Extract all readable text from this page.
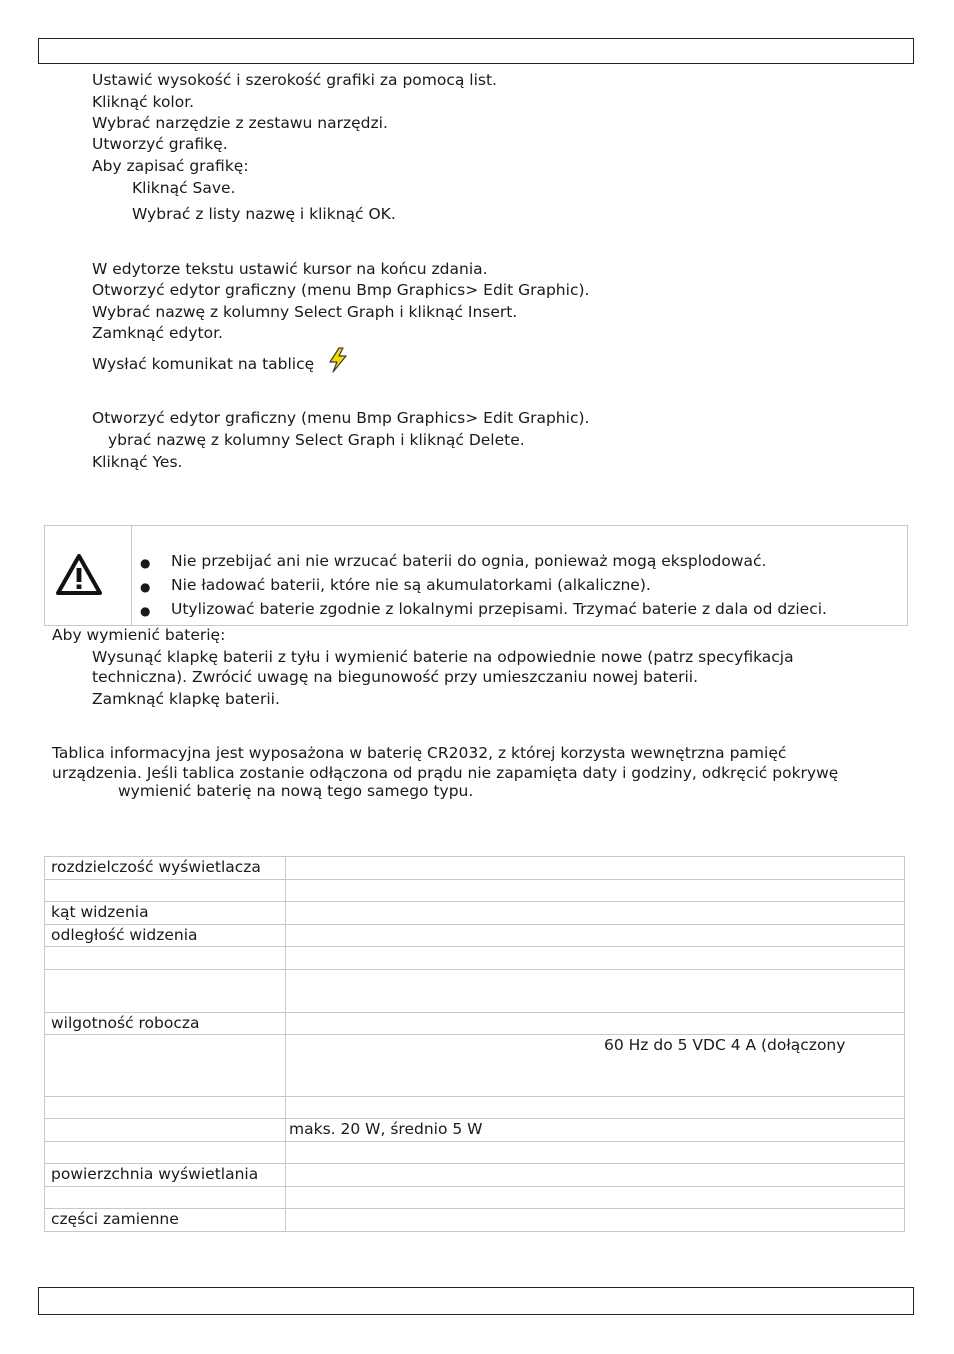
Ustawić wysokość i szerokość grafiki za pomocą list.
Kliknąć kolor.
Wybrać narzędzie z zestawu narzędzi.
Utworzyć grafikę.
Aby zapisać grafikę:
Kliknąć Save.
Wybrać z listy nazwę i kliknąć OK.
W edytorze tekstu ustawić kursor na końcu zdania.
Otworzyć edytor graficzny (menu Bmp Graphics> Edit Graphic).
Wybrać nazwę z kolumny Select Graph i kliknąć Insert.
Zamknąć edytor.
Wysłać komunikat na tablicę
Otworzyć edytor graficzny (menu Bmp Graphics> Edit Graphic).
ybrać nazwę z kolumny Select Graph i kliknąć Delete.
Kliknąć Yes.
● Nie przebijać ani nie wrzucać baterii do ognia, ponieważ mogą eksplodować.
● Nie ładować baterii, które nie są akumulatorkami (alkaliczne).
● Utylizować baterie zgodnie z lokalnymi przepisami. Trzymać baterie z dala od dzieci.
Aby wymienić baterię:
Wysunąć klapkę baterii z tyłu i wymienić baterie na odpowiednie nowe (patrz specyfikacja
techniczna). Zwrócić uwagę na biegunowość przy umieszczaniu nowej baterii.
Zamknąć klapkę baterii.
Tablica informacyjna jest wyposażona w baterię CR2032, z której korzysta wewnętrzna pamięć
urządzenia. Jeśli tablica zostanie odłączona od prądu nie zapamięta daty i godziny, odkręcić pokrywę
wymienić baterię na nową tego samego typu.
rozdzielczość wyświetlacza	

kąt widzenia	
odległość widzenia	

wilgotność robocza	
	60 Hz do 5 VDC 4 A (dołączony

	maks. 20 W, średnio 5 W

powierzchnia wyświetlania	

części zamienne	
